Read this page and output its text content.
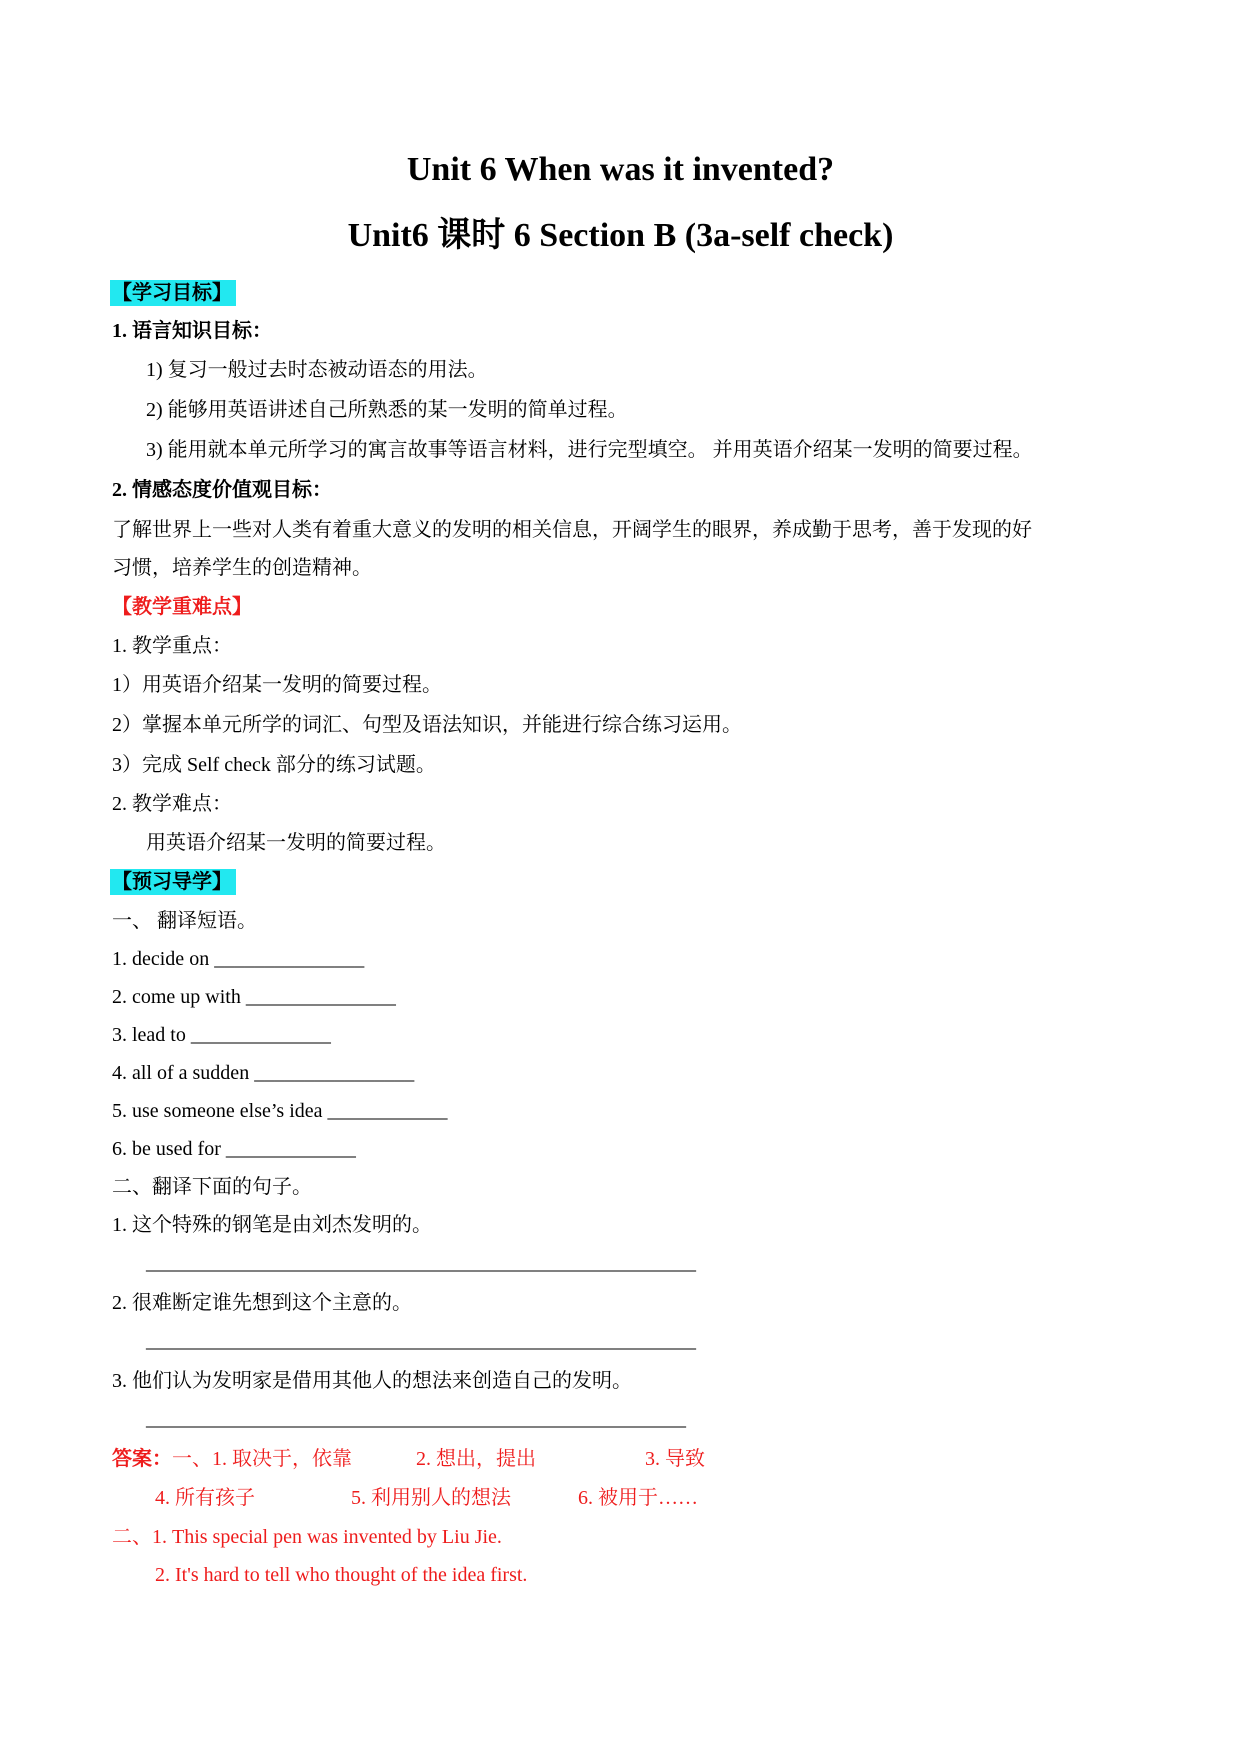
Unit 6 When was it invented?
Unit6 课时 6 Section B (3a-self check)
【学习目标】
1. 语言知识目标：
1) 复习一般过去时态被动语态的用法。
2) 能够用英语讲述自己所熟悉的某一发明的简单过程。
3) 能用就本单元所学习的寓言故事等语言材料，进行完型填空。 并用英语介绍某一发明的简要过程。
2. 情感态度价值观目标：
了解世界上一些对人类有着重大意义的发明的相关信息，开阔学生的眼界，养成勤于思考，善于发现的好
习惯，培养学生的创造精神。
【教学重难点】
1. 教学重点：
1）用英语介绍某一发明的简要过程。
2）掌握本单元所学的词汇、句型及语法知识，并能进行综合练习运用。
3）完成 Self check 部分的练习试题。
2. 教学难点：
用英语介绍某一发明的简要过程。
【预习导学】
一、 翻译短语。
1. decide on _______________
2. come up with _______________
3. lead to ______________
4. all of a sudden ________________
5. use someone else’s idea ____________
6. be used for _____________
二、翻译下面的句子。
1. 这个特殊的钢笔是由刘杰发明的。
_______________________________________________________
2. 很难断定谁先想到这个主意的。
_______________________________________________________
3. 他们认为发明家是借用其他人的想法来创造自己的发明。
______________________________________________________
答案：一、1. 取决于，依靠	2. 想出，提出	3. 导致
4. 所有孩子	5. 利用别人的想法	6. 被用于……
二、1. This special pen was invented by Liu Jie.
2. It's hard to tell who thought of the idea first.
